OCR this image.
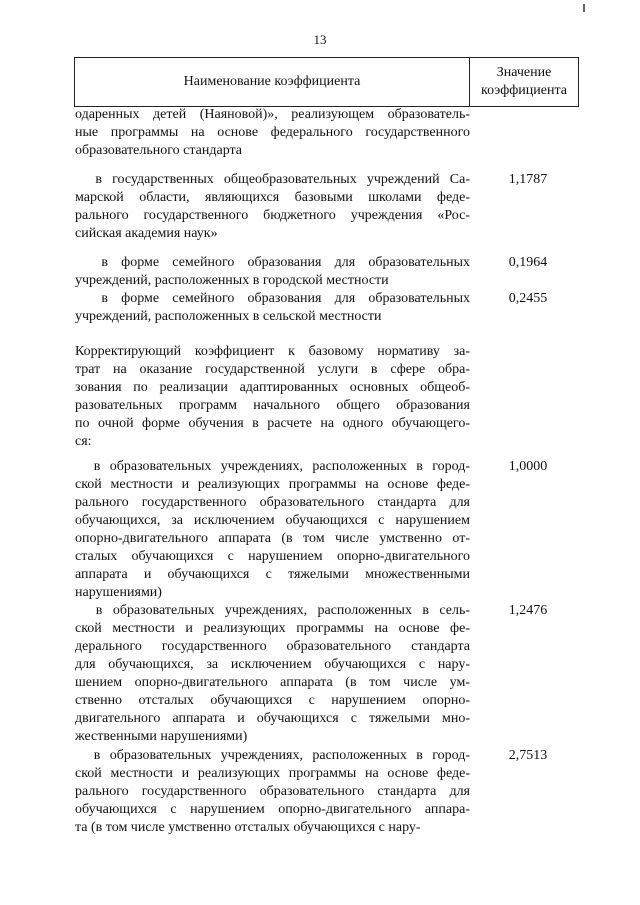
13
Наименование коэффициента
Значение коэффициента
одаренных детей (Наяновой)», реализующем образователь-
ные программы на основе федерального государственного
образовательного стандарта
в государственных общеобразовательных учреждений Са-
марской области, являющихся базовыми школами феде-
рального государственного бюджетного учреждения «Рос-
сийская академия наук»
1,1787
в форме семейного образования для образовательных
учреждений, расположенных в городской местности
0,1964
в форме семейного образования для образовательных
учреждений, расположенных в сельской местности
0,2455
Корректирующий коэффициент к базовому нормативу за-
трат на оказание государственной услуги в сфере обра-
зования по реализации адаптированных основных общеоб-
разовательных программ начального общего образования
по очной форме обучения в расчете на одного обучающего-
ся:
в образовательных учреждениях, расположенных в город-
ской местности и реализующих программы на основе феде-
рального государственного образовательного стандарта для
обучающихся, за исключением обучающихся с нарушением
опорно-двигательного аппарата (в том числе умственно от-
сталых обучающихся с нарушением опорно-двигательного
аппарата и обучающихся с тяжелыми множественными
нарушениями)
1,0000
в образовательных учреждениях, расположенных в сель-
ской местности и реализующих программы на основе фе-
дерального государственного образовательного стандарта
для обучающихся, за исключением обучающихся с нару-
шением опорно-двигательного аппарата (в том числе ум-
ственно отсталых обучающихся с нарушением опорно-
двигательного аппарата и обучающихся с тяжелыми мно-
жественными нарушениями)
1,2476
в образовательных учреждениях, расположенных в город-
ской местности и реализующих программы на основе феде-
рального государственного образовательного стандарта для
обучающихся с нарушением опорно-двигательного аппара-
та (в том числе умственно отсталых обучающихся с нару-
2,7513
